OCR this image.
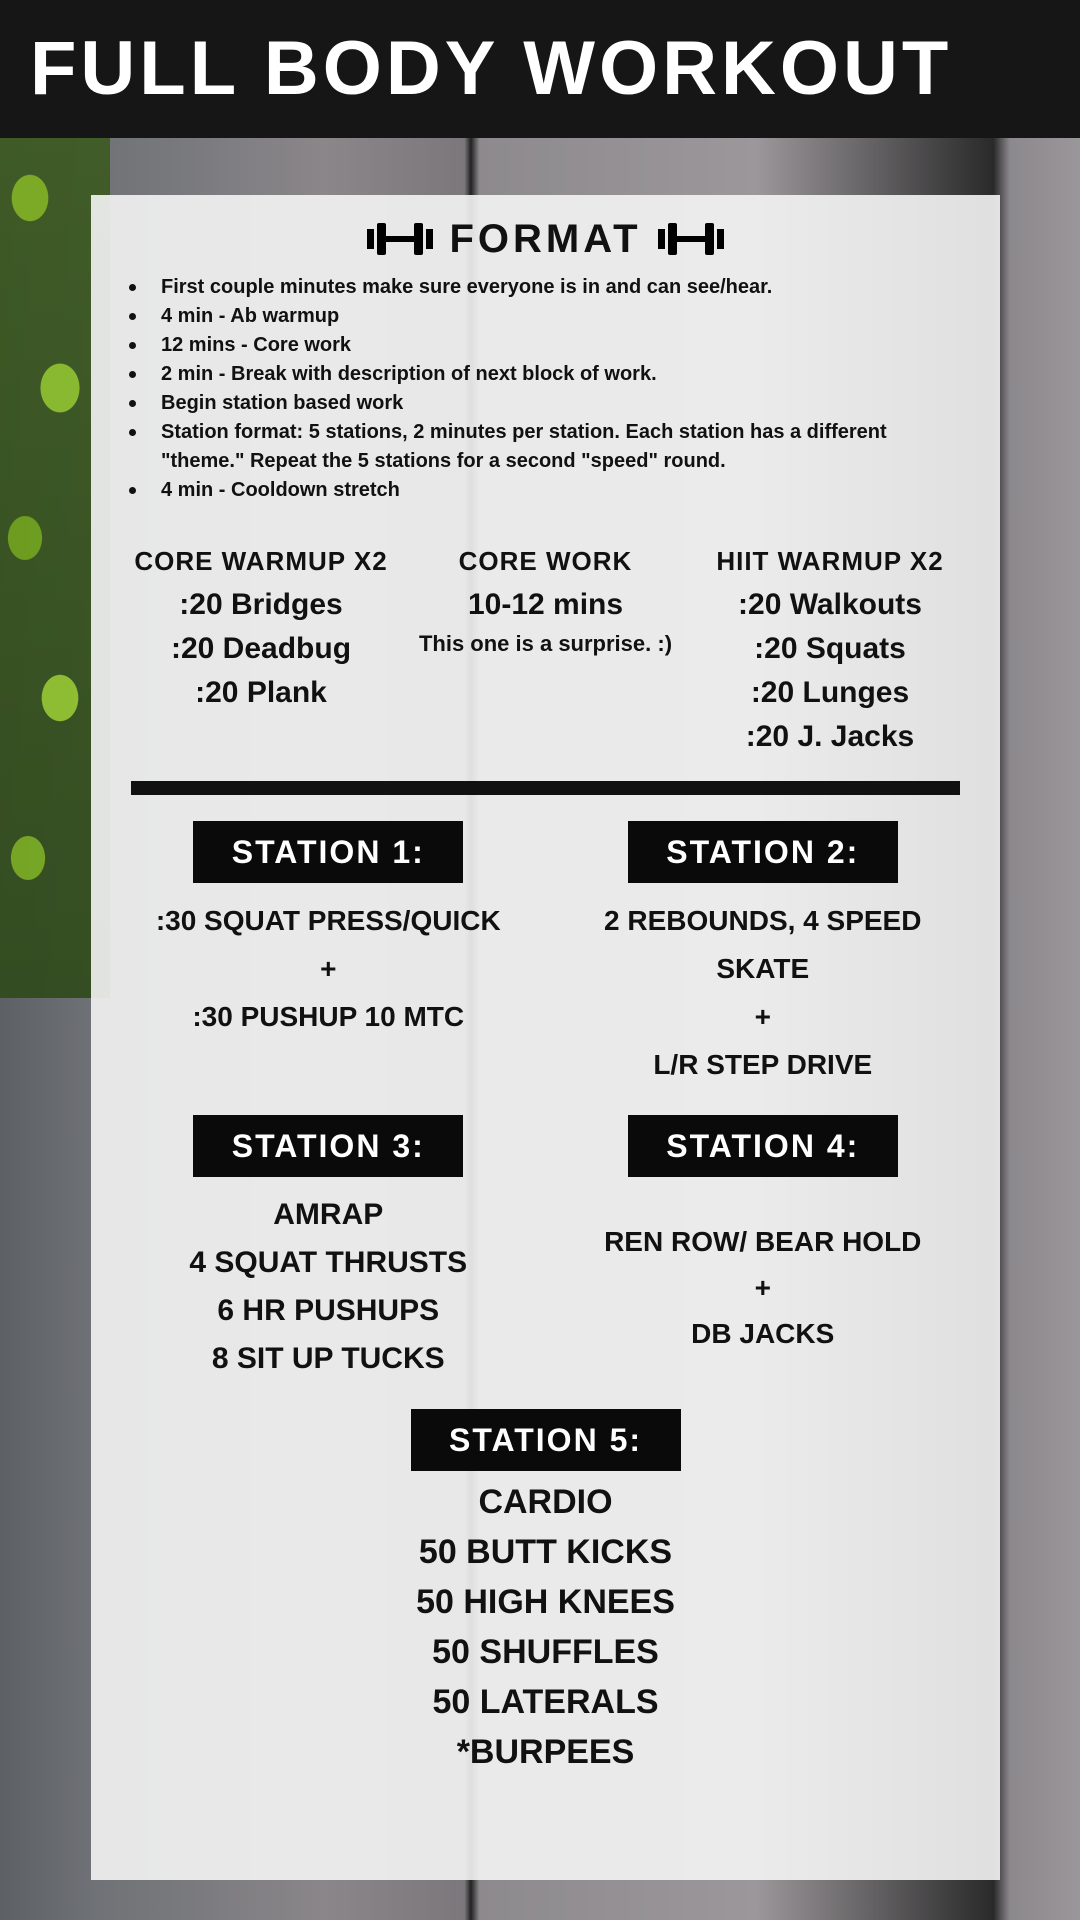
FULL BODY WORKOUT
FORMAT
First couple minutes make sure everyone is in and can see/hear.
4 min - Ab warmup
12 mins - Core work
2 min - Break with description of next block of work.
Begin station based work
Station format: 5 stations, 2 minutes per station. Each station has a different "theme." Repeat the 5 stations for a second "speed" round.
4 min - Cooldown stretch
CORE WARMUP X2
:20 Bridges
:20 Deadbug
:20 Plank
CORE WORK
10-12 mins
This one is a surprise. :)
HIIT WARMUP X2
:20 Walkouts
:20 Squats
:20 Lunges
:20 J. Jacks
STATION 1:
:30 SQUAT PRESS/QUICK
+
:30 PUSHUP 10 MTC
STATION 2:
2 REBOUNDS, 4 SPEED SKATE
+
L/R STEP DRIVE
STATION 3:
AMRAP
4 SQUAT THRUSTS
6 HR PUSHUPS
8 SIT UP TUCKS
STATION 4:
REN ROW/ BEAR HOLD
+
DB JACKS
STATION 5:
CARDIO
50 BUTT KICKS
50 HIGH KNEES
50 SHUFFLES
50 LATERALS
*BURPEES
